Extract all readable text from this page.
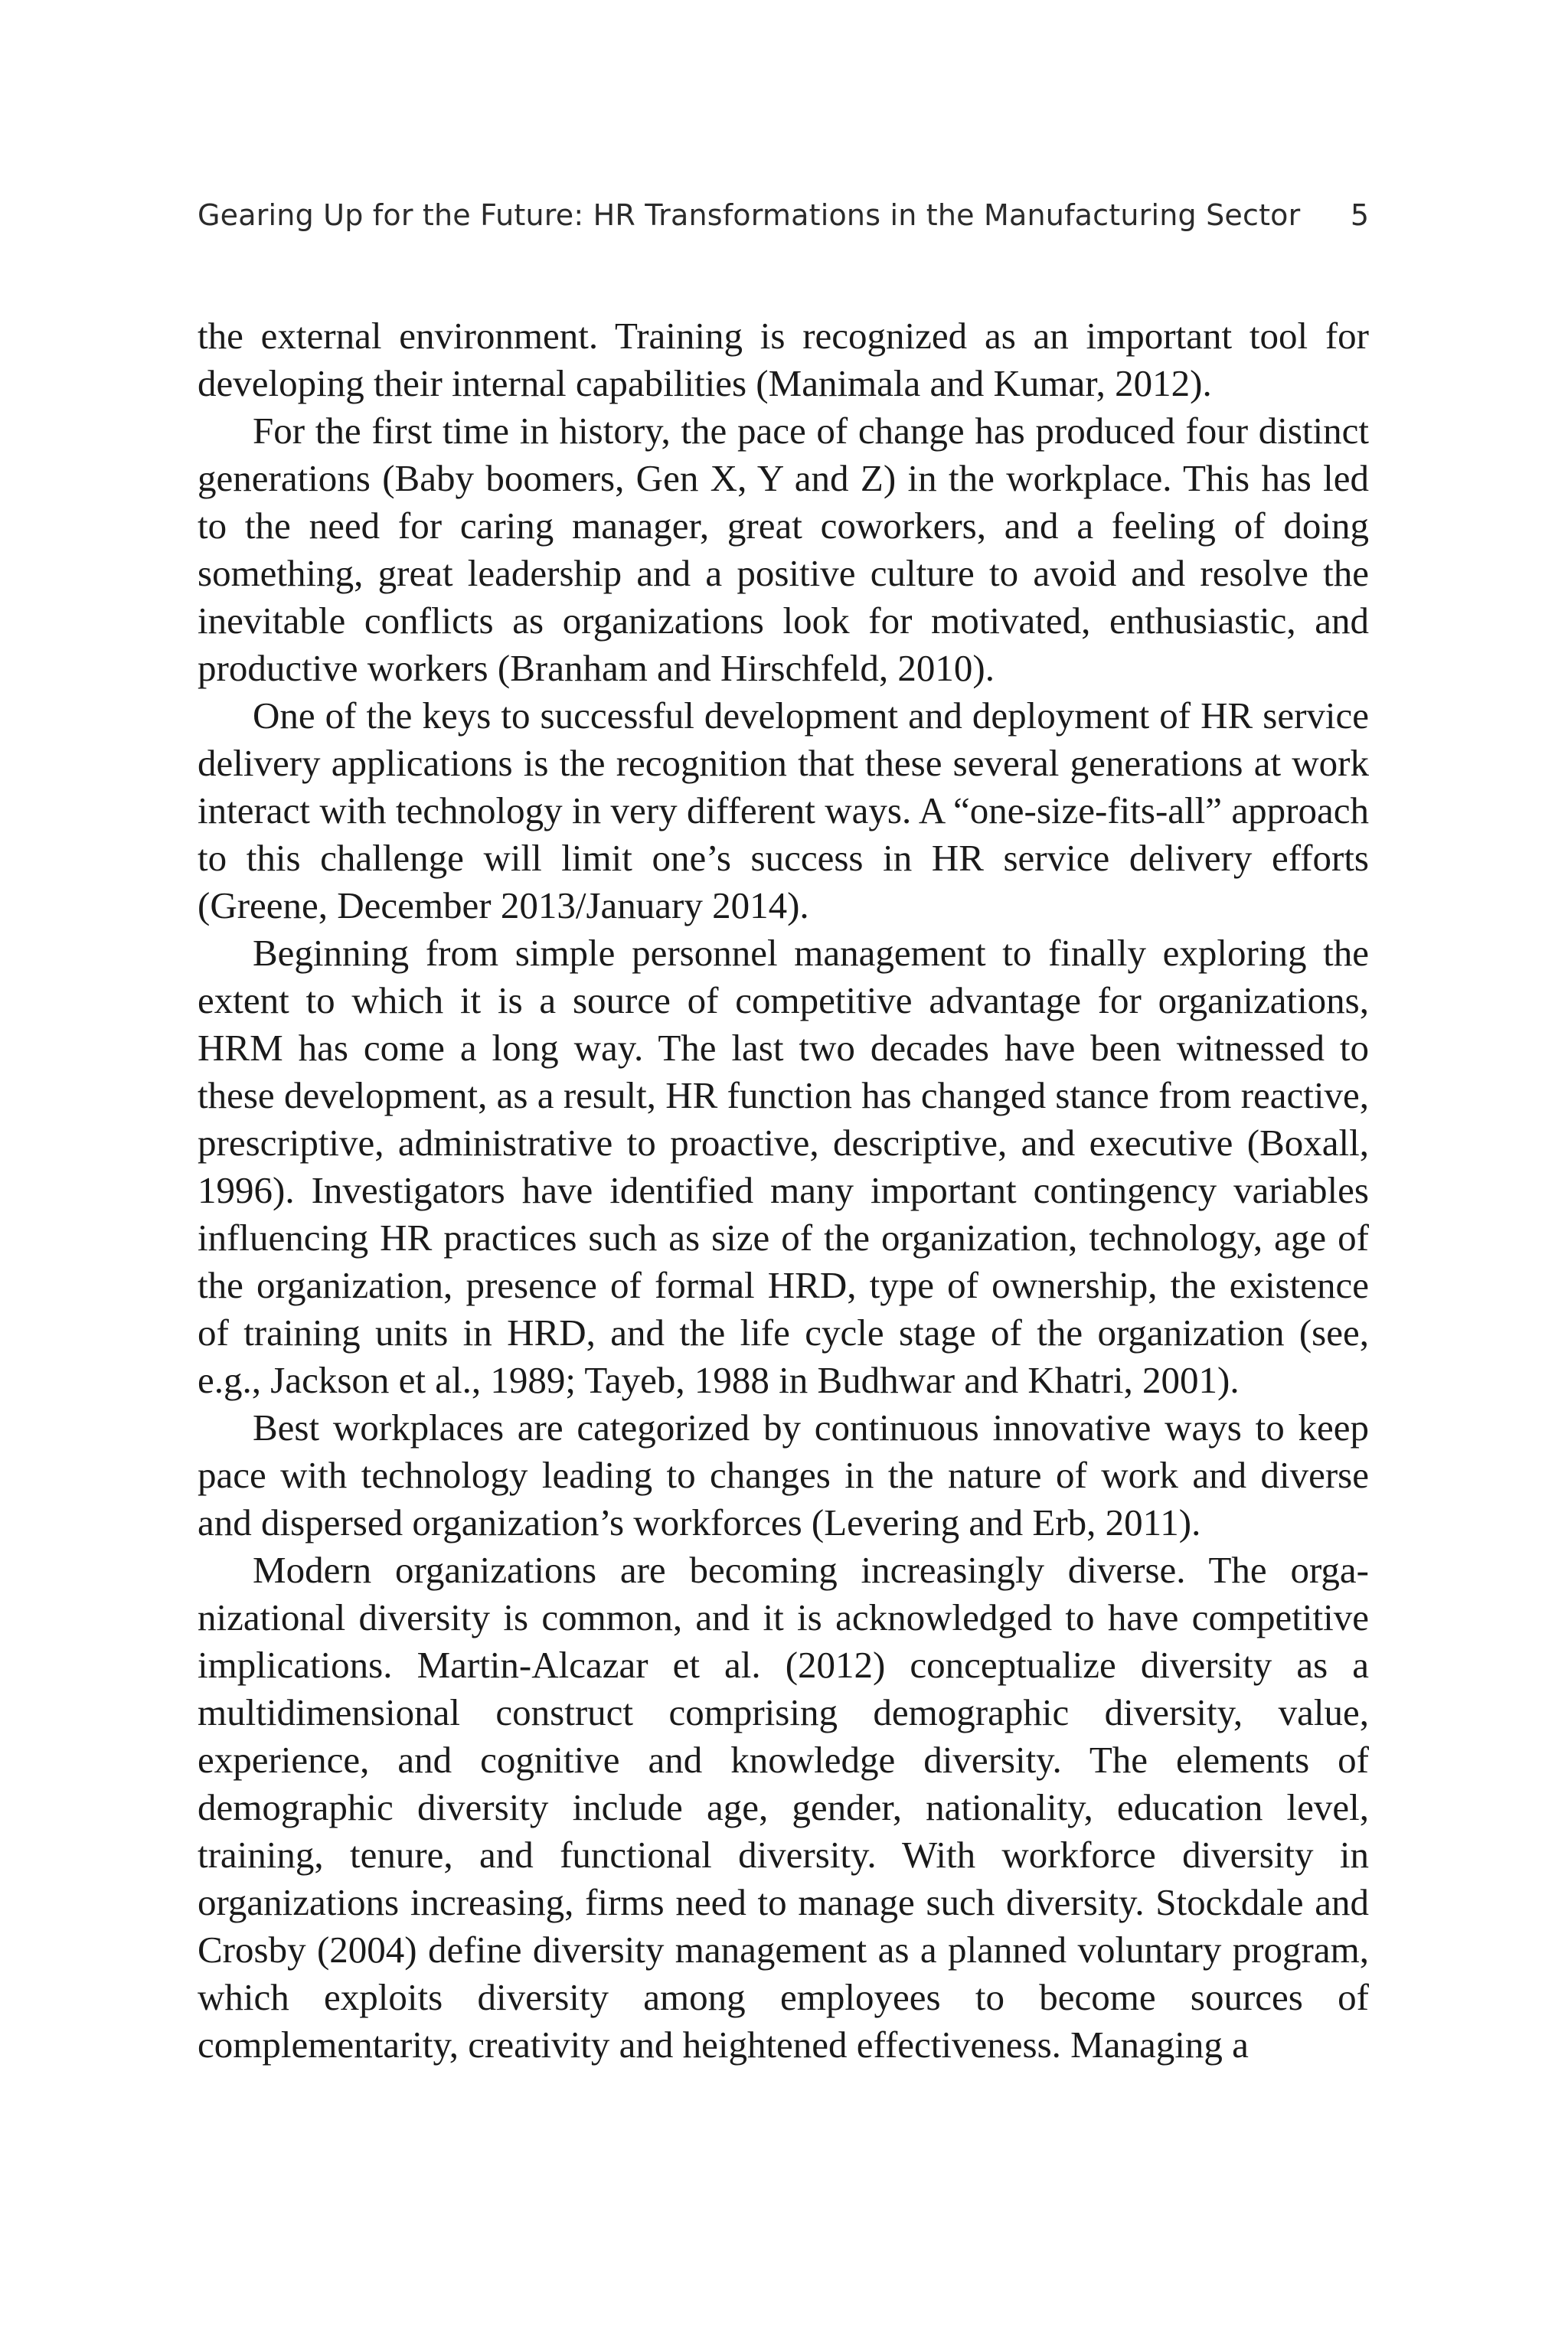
Gearing Up for the Future: HR Transformations in the Manufacturing Sector 5

the external environment. Training is recognized as an important tool for developing their internal capabilities (Manimala and Kumar, 2012).

For the first time in history, the pace of change has produced four distinct generations (Baby boomers, Gen X, Y and Z) in the workplace. This has led to the need for caring manager, great coworkers, and a feeling of doing something, great leadership and a positive culture to avoid and resolve the inevitable conflicts as organizations look for motivated, enthusiastic, and productive workers (Branham and Hirschfeld, 2010).

One of the keys to successful development and deployment of HR service delivery applications is the recognition that these several generations at work interact with technology in very different ways. A “one-size-fits-all” approach to this challenge will limit one’s success in HR service delivery efforts (Greene, December 2013/January 2014).

Beginning from simple personnel management to finally exploring the extent to which it is a source of competitive advantage for organizations, HRM has come a long way. The last two decades have been witnessed to these development, as a result, HR function has changed stance from reactive, prescriptive, administrative to proactive, descriptive, and executive (Boxall, 1996). Investigators have identified many important contingency variables influencing HR practices such as size of the organization, technology, age of the organization, presence of formal HRD, type of ownership, the existence of training units in HRD, and the life cycle stage of the organization (see, e.g., Jackson et al., 1989; Tayeb, 1988 in Budhwar and Khatri, 2001).

Best workplaces are categorized by continuous innovative ways to keep pace with technology leading to changes in the nature of work and diverse and dispersed organization’s workforces (Levering and Erb, 2011).

Modern organizations are becoming increasingly diverse. The organizational diversity is common, and it is acknowledged to have competitive implications. Martin-Alcazar et al. (2012) conceptualize diversity as a multidimensional construct comprising demographic diversity, value, experience, and cognitive and knowledge diversity. The elements of demographic diversity include age, gender, nationality, education level, training, tenure, and functional diversity. With workforce diversity in organizations increasing, firms need to manage such diversity. Stockdale and Crosby (2004) define diversity management as a planned voluntary program, which exploits diversity among employees to become sources of complementarity, creativity and heightened effectiveness. Managing a
